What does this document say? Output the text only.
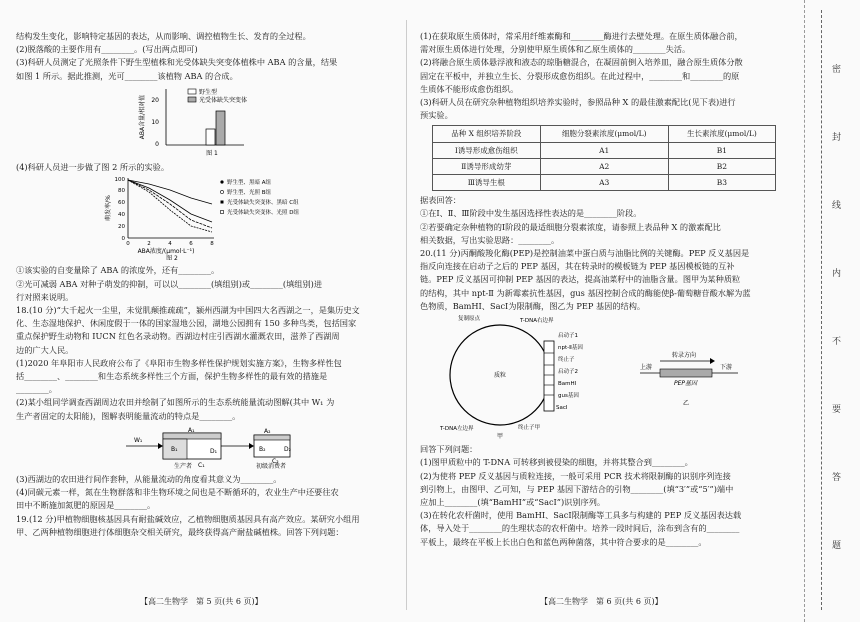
结构发生变化，影响特定基因的表达，从而影响、调控植物生长、发育的全过程。

(2)脱落酸的主要作用有________。(写出两点即可)

(3)科研人员测定了光照条件下野生型植株和光受体缺失突变体植株中 ABA 的含量，结果

如图 1 所示。据此推测，光可________该植物 ABA 的合成。

0
10
20
ABA含量/相对值
野生型
光受体缺失突变体
图 1

(4)科研人员进一步做了图 2 所示的实验。

0
20
40
60
80
100
0	2	4	6	8
萌发率/%
ABA浓度/(μmol·L⁻¹)
野生型、黑暗 A组
野生型、光照 B组
光受体缺失突变体、黑暗 C组
光受体缺失突变体、光照 D组
图 2

①该实验的自变量除了 ABA 的浓度外，还有________。

②光可减弱 ABA 对种子萌发的抑制，可以以________(填组别)或________(填组别)进

行对照来说明。

18.(10 分)“大千起火一尘里，未觉肌颠推疏疏”，颍州西湖为中国四大名西湖之一，是集历史文

化、生态湿地保护、休闲度假于一体的国家湿地公园，湖地公园拥有 150 多种鸟类，包括国家

重点保护野生动物和 IUCN 红色名录动物。西湖边村庄引西湖水灌溉农田，滋养了西湖周

边的广大人民。

(1)2020 年阜阳市人民政府公布了《阜阳市生物多样性保护规划实施方案》，生物多样性包

括________、________和生态系统多样性三个方面，保护生物多样性的最有效的措施是

________。

(2)某小组同学调查西湖周边农田并绘制了如图所示的生态系统能量流动图解(其中 W₁ 为

生产者固定的太阳能)，图解表明能量流动的特点是________。

W₁
A₁
B₁
C₁
D₁
生产者
A₂
B₂
C₂
D₂
初级消费者

(3)西湖边的农田进行间作套种，从能量流动的角度看其意义为________。

(4)同碳元素一样，氮在生物群落和非生物环境之间也是不断循环的，农业生产中还要往农

田中不断施加氮肥的原因是________。

19.(12 分)甲植物细胞核基因具有耐盐碱效应，乙植物细胞质基因具有高产效应。某研究小组用

甲、乙两种植物细胞进行体细胞杂交相关研究，最终获得高产耐盐碱植株。回答下列问题：

(1)在获取原生质体时，常采用纤维素酶和________酶进行去壁处理。在原生质体融合前，

需对原生质体进行处理，分别使甲原生质体和乙原生质体的________失活。

(2)将融合原生质体悬浮液和液态的琼脂糖混合，在凝固前倒入培养皿，融合原生质体分散

固定在平板中，并独立生长、分裂形成愈伤组织。在此过程中，________和________的原

生质体不能形成愈伤组织。

(3)科研人员在研究杂种植物组织培养实验时，参照品种 X 的最佳激素配比(见下表)进行

预实验。

品种 X 组织培养阶段	细胞分裂素浓度(μmol/L)	生长素浓度(μmol/L)
Ⅰ诱导形成愈伤组织	A1	B1
Ⅱ诱导形成幼芽	A2	B2
Ⅲ诱导生根	A3	B3

据表回答：

①在Ⅰ、Ⅱ、Ⅲ阶段中发生基因选择性表达的是________阶段。

②若要确定杂种植物的Ⅰ阶段的最适细胞分裂素浓度，请参照上表品种 X 的激素配比

相关数据，写出实验思路：________。

20.(11 分)丙酮酸羧化酶(PEP)是控制油菜中蛋白质与油脂比例的关键酶。PEP 反义基因是

指反向连接在启动子之后的 PEP 基因，其在转录时的模板链为 PEP 基因模板链的互补

链。PEP 反义基因可抑制 PEP 基因的表达，提高油菜籽中的油脂含量。图甲为某种质粒

的结构，其中 npt-Ⅱ 为新霉素抗性基因，gus 基因控制合成的酶能使β-葡萄糖苷酸水解为蓝

色物质，BamHⅠ、SacⅠ为限制酶，图乙为 PEP 基因的结构。

复制原点	T-DNA右边界
启动子1
npt-Ⅱ基因
终止子
启动子2
BamHⅠ
gus基因
T-DNA左边界	终止子甲
SacⅠ
质粒
甲
转录方向
上游	下游
PEP基因
乙

回答下列问题：

(1)图甲质粒中的 T-DNA 可转移到被侵染的细胞，并将其整合到________。

(2)为使将 PEP 反义基因与质粒连接，一般可采用 PCR 技术将限制酶的识别序列连接

到引物上，由图甲、乙可知，与 PEP 基因下游结合的引物________(填“3′”或“5′”)端中

应加上________(填“BamHⅠ”或“SacⅠ”)识别序列。

(3)在转化农杆菌时，使用 BamHⅠ、SacⅠ限制酶等工具多与构建的 PEP 反义基因表达载

体，导入处于________的生理状态的农杆菌中。培养一段时间后，涂布到含有的________

平板上，最终在平板上长出白色和蓝色两种菌落，其中符合要求的是________。

【高二生物学　第 5 页(共 6 页)】	【高二生物学　第 6 页(共 6 页)】
密
封
线
内
不
要
答
题
